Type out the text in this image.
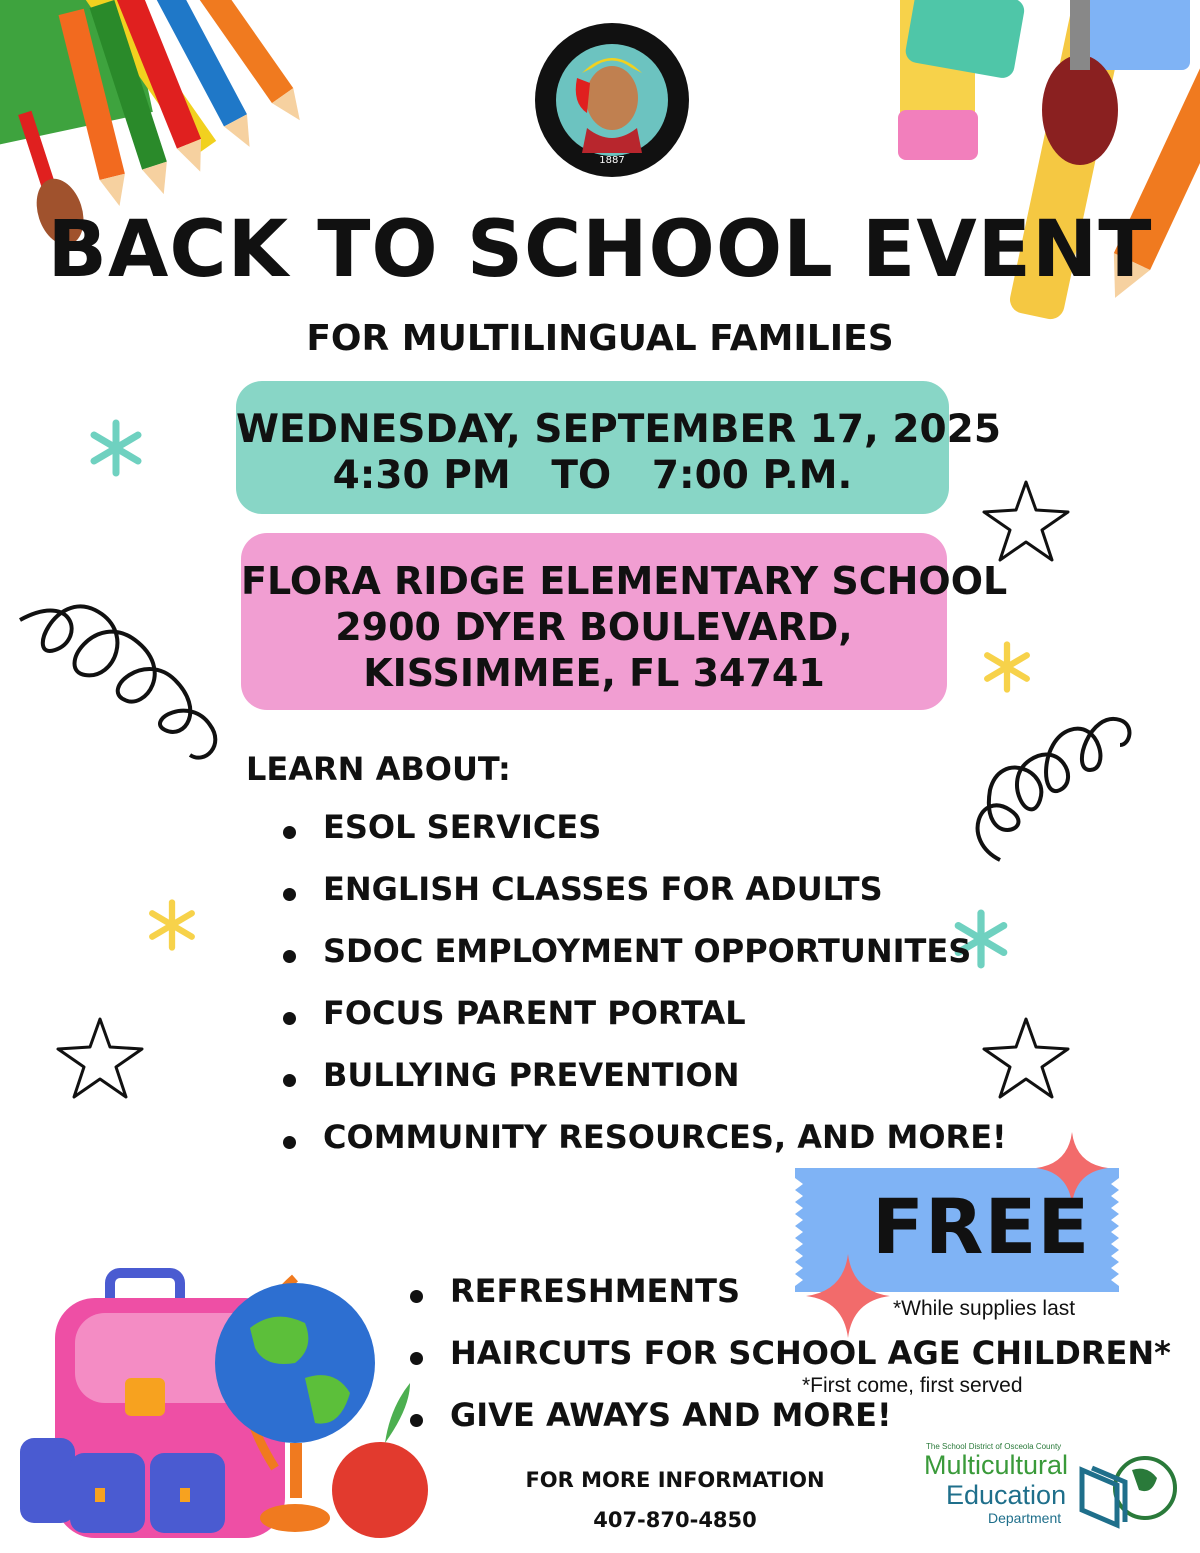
1887
BACK TO SCHOOL EVENT
FOR MULTILINGUAL FAMILIES
WEDNESDAY, SEPTEMBER 17, 2025
4:30 PM   TO   7:00 P.M.
FLORA RIDGE ELEMENTARY SCHOOL
2900 DYER BOULEVARD,
KISSIMMEE, FL 34741
LEARN ABOUT:
ESOL SERVICES
ENGLISH CLASSES FOR ADULTS
SDOC EMPLOYMENT OPPORTUNITES
FOCUS PARENT PORTAL
BULLYING PREVENTION
COMMUNITY RESOURCES, AND MORE!
FREE
*While supplies last
REFRESHMENTS
HAIRCUTS FOR SCHOOL AGE CHILDREN*
GIVE AWAYS AND MORE!
*First come, first served
FOR MORE INFORMATION
407-870-4850
The School District of Osceola County
Multicultural
Education
Department
